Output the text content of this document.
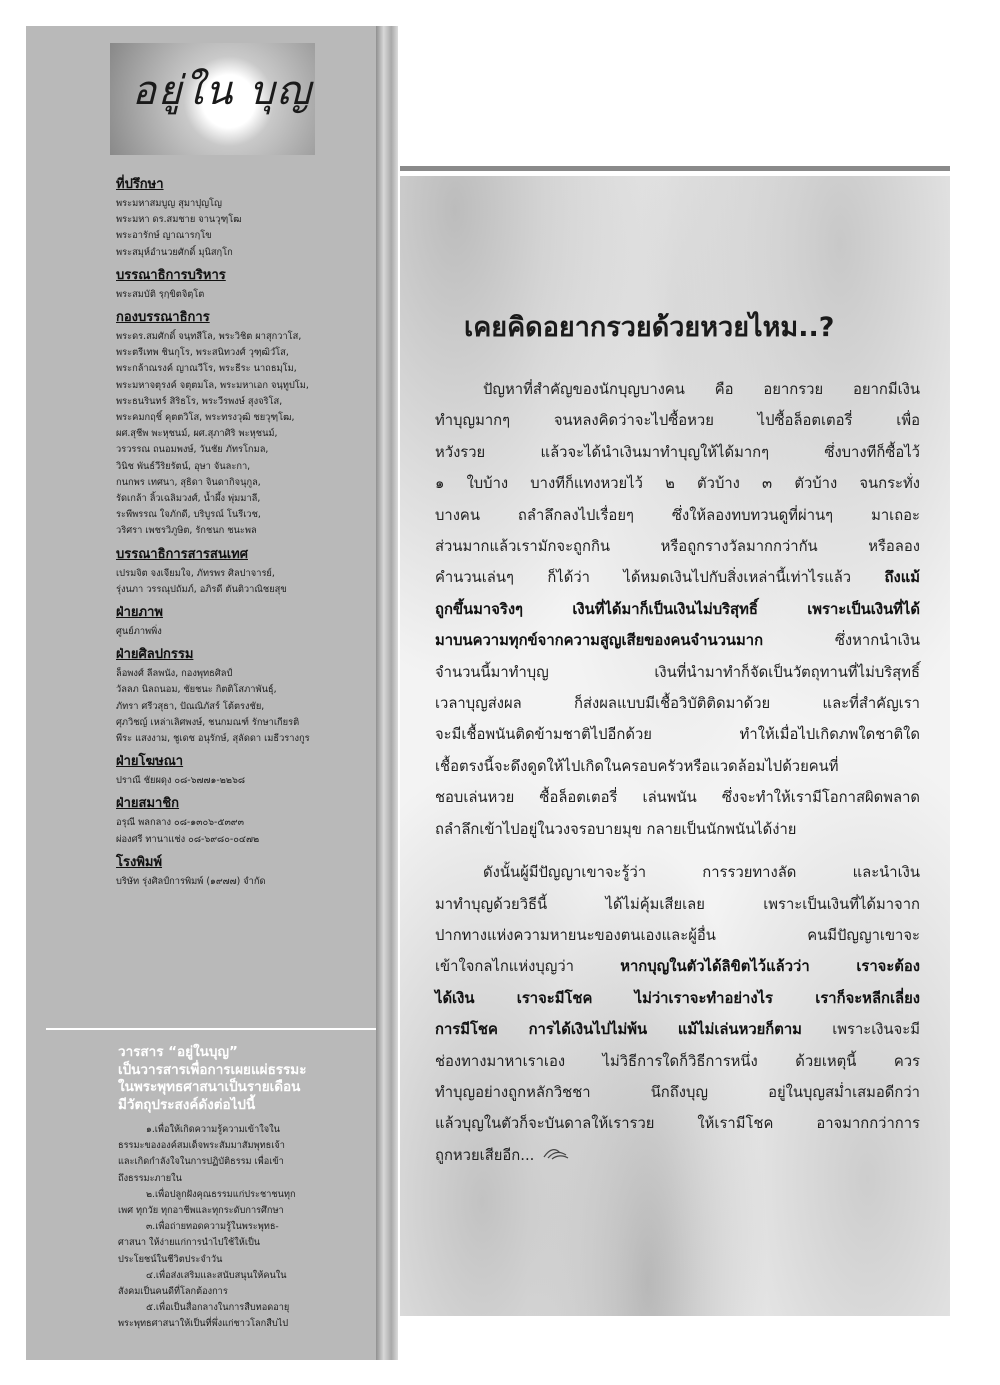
อยู่ใน บุญ
ที่ปรึกษา
พระมหาสมบูญ สุมาปุญโญ
พระมหา ดร.สมชาย จานวุฑฺโฒ
พระอารักษ์ ญาณารกฺโข
พระสมุห์อำนวยศักดิ์ มุนิสกฺโก
บรรณาธิการบริหาร
พระสมบัติ รฺกฺขิตจิตฺโต
กองบรรณาธิการ
พระดร.สมศักดิ์ จนฺทสีโล, พระวิชิต ผาสุกวาโส,
พระตรีเทพ ชินกุโร, พระสนิทวงศ์ วุฑฺฒิวํโส,
พระกล้าณรงค์ ญาณวีโร, พระธีระ นาถธมฺโม,
พระมหาจตุรงค์ จตุตมโล, พระมหาเอก จนฺทูปโม,
พระธนรินทร์ สิริธโร, พระวีรพงษ์ สุงจริโส,
พระคมกฤชิ์ คุตตวิโส, พระทรงวุฒิ ชยวุฑฺโฒ,
ผศ.สุชีพ พะหุชนม์, ผศ.สุภาศิริ พะหุชนม์,
วรวรรณ ถนอมพงษ์, วันชัย ภัทรโกมล,
วินิช พันธ์วีริยรัตน์, อุษา จันละกา,
กนกพร เทศนา, สุธิดา จินดากิจนุกูล,
รัดเกล้า ลิ้วเฉลิมวงศ์, น้ำผึ้ง พุ่มมาลี,
ระพีพรรณ ใจภักดี, บริบูรณ์ โนรีเวช,
วริศรา เพชรวิภูษิต, รักชนก ชนะพล
บรรณาธิการสารสนเทศ
เปรมจิต จงเจียมใจ, ภัทรพร ศิลปาจารย์,
รุ่งนภา วรรณุปถัมภ์, อภิรดี ตันติวาณิชยสุข
ฝ่ายภาพ
ศูนย์ภาพพิ่ง
ฝ่ายศิลปกรรม
ล็อพงศ์ ลีลพนัง, กองพุทธศิลป์
วัลลภ นิลถนอม, ชัยชนะ กิตติโสภาพันธุ์,
ภัทรา ศรีวสุธา, ปัณณิภัสร์ โต้ตรงชัย,
ศุภวิชญ์ เหล่าเลิศพงษ์, ชนกมณฑ์ รักษาเกียรติ
พีระ แสงงาม, ชูเดช อนุรักษ์, สุลัดดา เมธีวรางกูร
ฝ่ายโฆษณา
ปราณี ชัยผดุง ๐๘-๖๗๗๑-๒๒๖๘
ฝ่ายสมาชิก
อรุณี พลกลาง ๐๘-๑๓๐๖-๕๓๙๓
ผ่องศรี ทานาแช่ง ๐๘-๖๙๘๐-๐๔๗๒
โรงพิมพ์
บริษัท รุ่งศิลป์การพิมพ์ (๑๙๗๗) จำกัด
วารสาร “อยู่ในบุญ”
เป็นวารสารเพื่อการเผยแผ่ธรรมะ
ในพระพุทธศาสนาเป็นรายเดือน
มีวัตถุประสงค์ดังต่อไปนี้
๑.เพื่อให้เกิดความรู้ความเข้าใจใน
ธรรมะขององค์สมเด็จพระสัมมาสัมพุทธเจ้า
และเกิดกำลังใจในการปฏิบัติธรรม เพื่อเข้า
ถึงธรรมะภายใน
๒.เพื่อปลูกฝังคุณธรรมแก่ประชาชนทุก
เพศ ทุกวัย ทุกอาชีพและทุกระดับการศึกษา
๓.เพื่อถ่ายทอดความรู้ในพระพุทธ-
ศาสนา ให้ง่ายแก่การนำไปใช้ให้เป็น
ประโยชน์ในชีวิตประจำวัน
๔.เพื่อส่งเสริมและสนับสนุนให้คนใน
สังคมเป็นคนดีที่โลกต้องการ
๕.เพื่อเป็นสื่อกลางในการสืบทอดอายุ
พระพุทธศาสนาให้เป็นที่พึ่งแก่ชาวโลกสืบไป
เคยคิดอยากรวยด้วยหวยไหม..?
ปัญหาที่สำคัญของนักบุญบางคน คือ อยากรวย อยากมีเงิน
ทำบุญมากๆ จนหลงคิดว่าจะไปซื้อหวย ไปซื้อล็อตเตอรี่ เพื่อ
หวังรวย แล้วจะได้นำเงินมาทำบุญให้ได้มากๆ ซึ่งบางทีก็ซื้อไว้
๑ ใบบ้าง บางทีก็แทงหวยไว้ ๒ ตัวบ้าง ๓ ตัวบ้าง จนกระทั่ง
บางคน ถลำลึกลงไปเรื่อยๆ ซึ่งให้ลองทบทวนดูที่ผ่านๆ มาเถอะ
ส่วนมากแล้วเรามักจะถูกกิน หรือถูกรางวัลมากกว่ากัน หรือลอง
คำนวนเล่นๆ ก็ได้ว่า ได้หมดเงินไปกับสิ่งเหล่านี้เท่าไรแล้ว ถึงแม้
ถูกขึ้นมาจริงๆ เงินที่ได้มาก็เป็นเงินไม่บริสุทธิ์ เพราะเป็นเงินที่ได้
มาบนความทุกข์จากความสูญเสียของคนจำนวนมาก ซึ่งหากนำเงิน
จำนวนนี้มาทำบุญ เงินที่นำมาทำก็จัดเป็นวัตถุทานที่ไม่บริสุทธิ์
เวลาบุญส่งผล ก็ส่งผลแบบมีเชื้อวิบัติติดมาด้วย และที่สำคัญเรา
จะมีเชื้อพนันติดข้ามชาติไปอีกด้วย ทำให้เมื่อไปเกิดภพใดชาติใด
เชื้อตรงนี้จะดึงดูดให้ไปเกิดในครอบครัวหรือแวดล้อมไปด้วยคนที่
ชอบเล่นหวย ซื้อล็อตเตอรี่ เล่นพนัน ซึ่งจะทำให้เรามีโอกาสผิดพลาด
ถลำลึกเข้าไปอยู่ในวงจรอบายมุข กลายเป็นนักพนันได้ง่าย
ดังนั้นผู้มีปัญญาเขาจะรู้ว่า การรวยทางลัด และนำเงิน
มาทำบุญด้วยวิธีนี้ ได้ไม่คุ้มเสียเลย เพราะเป็นเงินที่ได้มาจาก
ปากทางแห่งความหายนะของตนเองและผู้อื่น คนมีปัญญาเขาจะ
เข้าใจกลไกแห่งบุญว่า หากบุญในตัวได้ลิขิตไว้แล้วว่า เราจะต้อง
ได้เงิน เราจะมีโชค ไม่ว่าเราจะทำอย่างไร เราก็จะหลีกเลี่ยง
การมีโชค การได้เงินไปไม่พ้น แม้ไม่เล่นหวยก็ตาม เพราะเงินจะมี
ช่องทางมาหาเราเอง ไม่วิธีการใดก็วิธีการหนึ่ง ด้วยเหตุนี้ ควร
ทำบุญอย่างถูกหลักวิชชา นึกถึงบุญ อยู่ในบุญสม่ำเสมอดีกว่า
แล้วบุญในตัวก็จะบันดาลให้เรารวย ให้เรามีโชค อาจมากกว่าการ
ถูกหวยเสียอีก...
